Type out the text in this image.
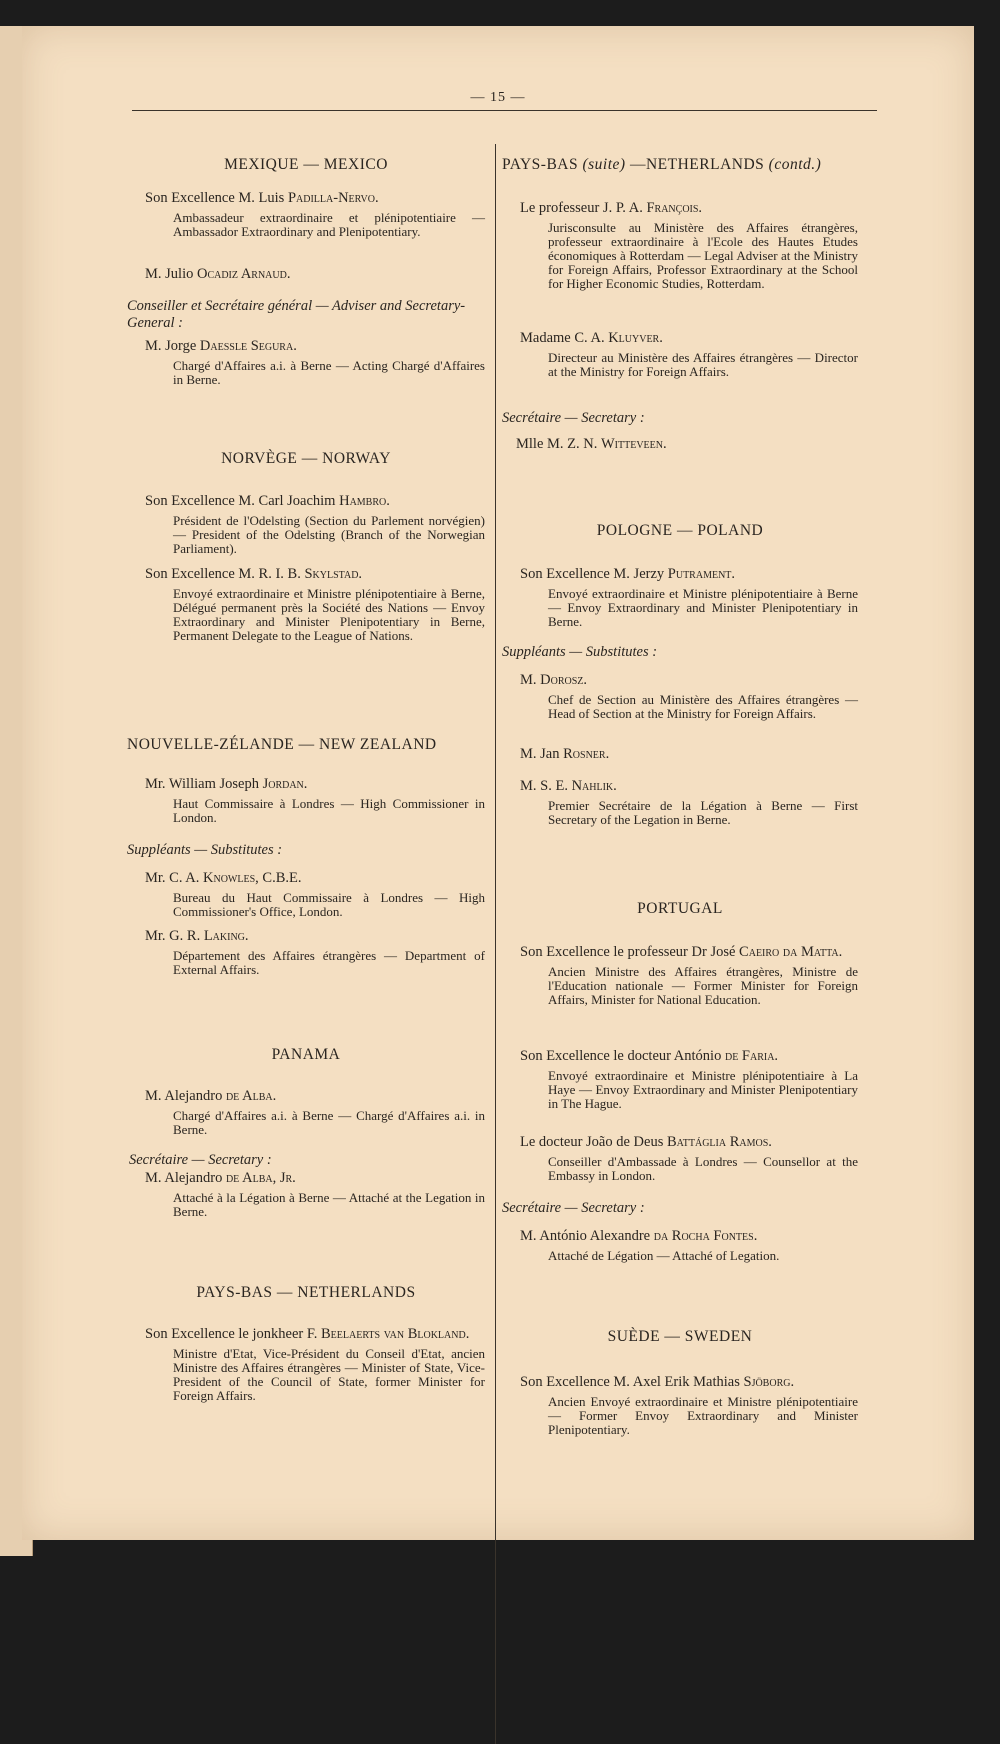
— 15 —

MEXIQUE — MEXICO

Son Excellence M. Luis Padilla-Nervo.

Ambassadeur extraordinaire et plénipotentiaire — Ambassador Extraordinary and Plenipotentiary.

M. Julio Ocadiz Arnaud.

Conseiller et Secrétaire général — Adviser and Secretary-General :

M. Jorge Daessle Segura.

Chargé d'Affaires a.i. à Berne — Acting Chargé d'Affaires in Berne.

NORVÈGE — NORWAY

Son Excellence M. Carl Joachim Hambro.

Président de l'Odelsting (Section du Parlement norvégien) — President of the Odelsting (Branch of the Norwegian Parliament).

Son Excellence M. R. I. B. Skylstad.

Envoyé extraordinaire et Ministre plénipotentiaire à Berne, Délégué permanent près la Société des Nations — Envoy Extraordinary and Minister Plenipotentiary in Berne, Permanent Delegate to the League of Nations.

NOUVELLE-ZÉLANDE — NEW ZEALAND

Mr. William Joseph Jordan.

Haut Commissaire à Londres — High Commissioner in London.

Suppléants — Substitutes :

Mr. C. A. Knowles, C.B.E.

Bureau du Haut Commissaire à Londres — High Commissioner's Office, London.

Mr. G. R. Laking.

Département des Affaires étrangères — Department of External Affairs.

PANAMA

M. Alejandro de Alba.

Chargé d'Affaires a.i. à Berne — Chargé d'Affaires a.i. in Berne.

Secrétaire — Secretary :

M. Alejandro de Alba, Jr.

Attaché à la Légation à Berne — Attaché at the Legation in Berne.

PAYS-BAS — NETHERLANDS

Son Excellence le jonkheer F. Beelaerts van Blokland.

Ministre d'Etat, Vice-Président du Conseil d'Etat, ancien Ministre des Affaires étrangères — Minister of State, Vice-President of the Council of State, former Minister for Foreign Affairs.

PAYS-BAS (suite) —NETHERLANDS (contd.)

Le professeur J. P. A. François.

Jurisconsulte au Ministère des Affaires étrangères, professeur extraordinaire à l'Ecole des Hautes Etudes économiques à Rotterdam — Legal Adviser at the Ministry for Foreign Affairs, Professor Extraordinary at the School for Higher Economic Studies, Rotterdam.

Madame C. A. Kluyver.

Directeur au Ministère des Affaires étrangères — Director at the Ministry for Foreign Affairs.

Secrétaire — Secretary :

Mlle M. Z. N. Witteveen.

POLOGNE — POLAND

Son Excellence M. Jerzy Putrament.

Envoyé extraordinaire et Ministre plénipotentiaire à Berne — Envoy Extraordinary and Minister Plenipotentiary in Berne.

Suppléants — Substitutes :

M. Dorosz.

Chef de Section au Ministère des Affaires étrangères — Head of Section at the Ministry for Foreign Affairs.

M. Jan Rosner.

M. S. E. Nahlik.

Premier Secrétaire de la Légation à Berne — First Secretary of the Legation in Berne.

PORTUGAL

Son Excellence le professeur Dr José Caeiro da Matta.

Ancien Ministre des Affaires étrangères, Ministre de l'Education nationale — Former Minister for Foreign Affairs, Minister for National Education.

Son Excellence le docteur António de Faria.

Envoyé extraordinaire et Ministre plénipotentiaire à La Haye — Envoy Extraordinary and Minister Plenipotentiary in The Hague.

Le docteur João de Deus Battáglia Ramos.

Conseiller d'Ambassade à Londres — Counsellor at the Embassy in London.

Secrétaire — Secretary :

M. António Alexandre da Rocha Fontes.

Attaché de Légation — Attaché of Legation.

SUÈDE — SWEDEN

Son Excellence M. Axel Erik Mathias Sjöborg.

Ancien Envoyé extraordinaire et Ministre plénipotentiaire — Former Envoy Extraordinary and Minister Plenipotentiary.
